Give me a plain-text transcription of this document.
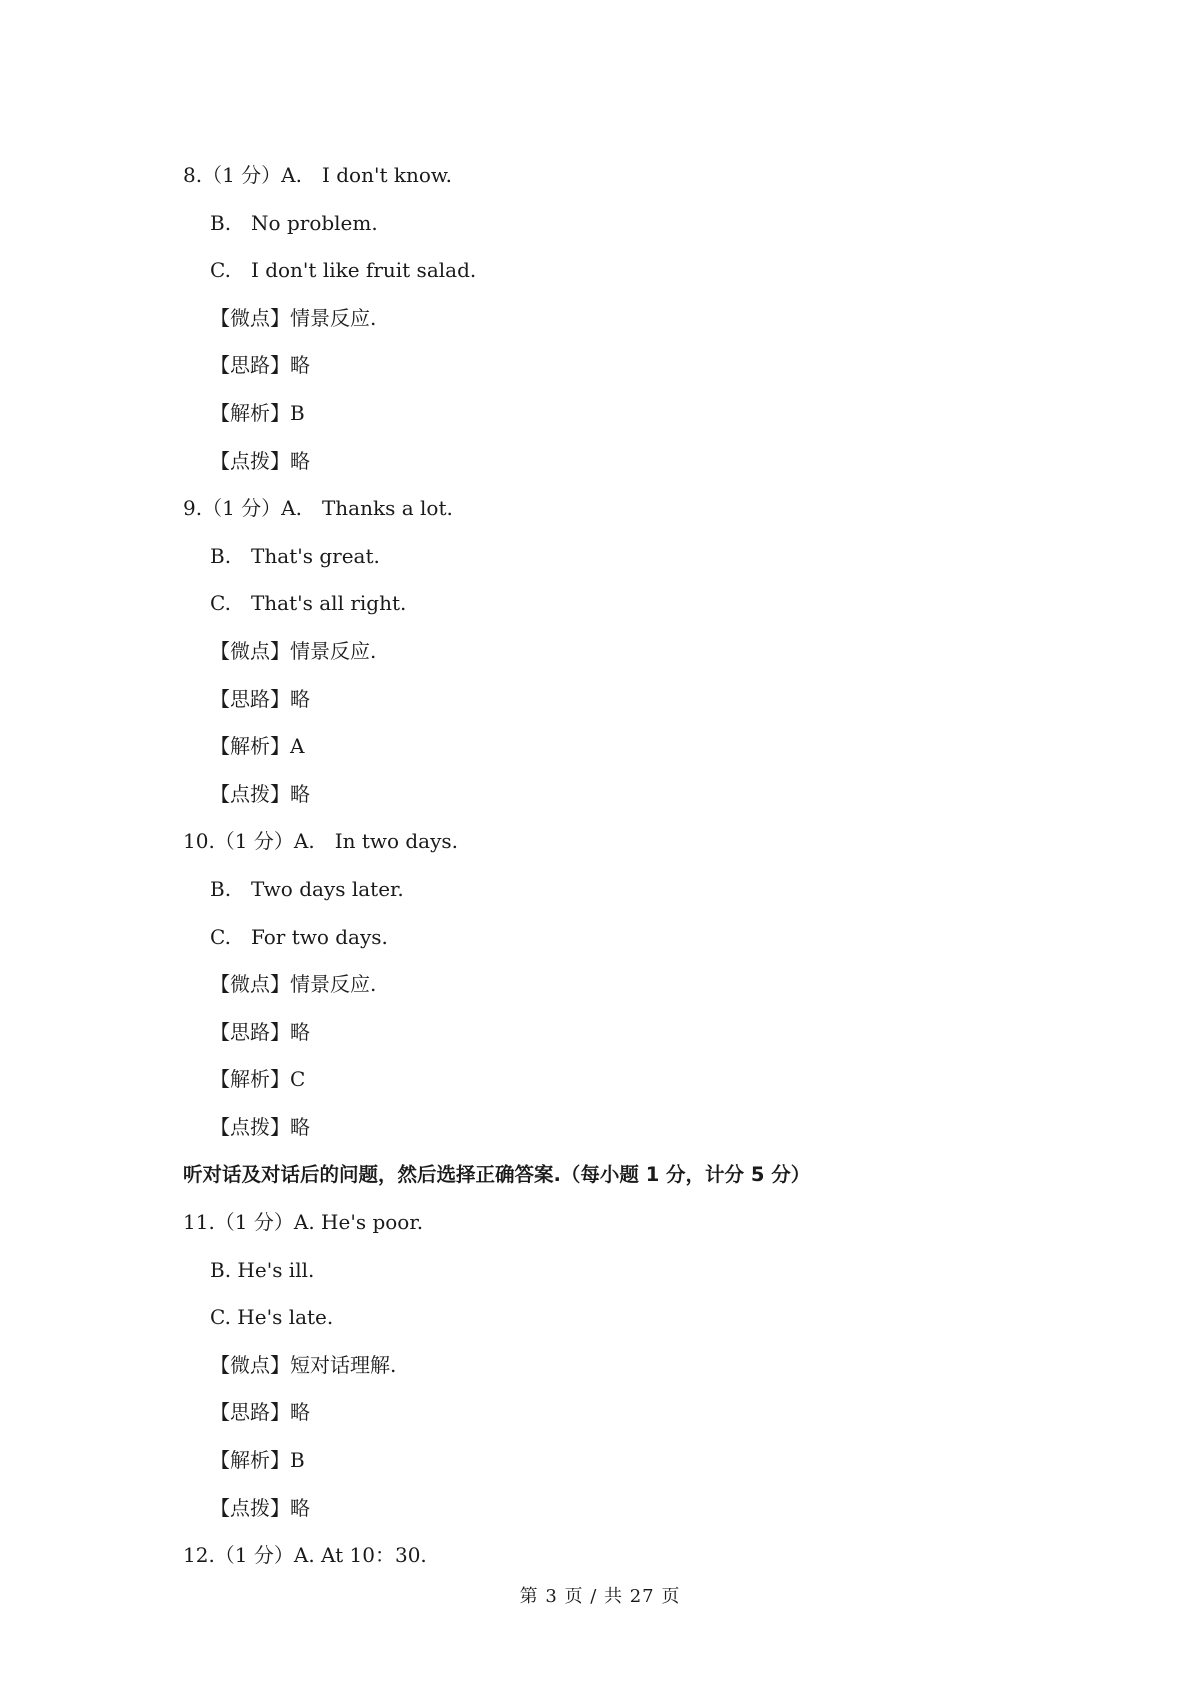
8.（1 分）A.　I don't know.
B.　No problem.
C.　I don't like fruit salad.
【微点】情景反应.
【思路】略
【解析】B
【点拨】略
9.（1 分）A.　Thanks a lot.
B.　That's great.
C.　That's all right.
【微点】情景反应.
【思路】略
【解析】A
【点拨】略
10.（1 分）A.　In two days.
B.　Two days later.
C.　For two days.
【微点】情景反应.
【思路】略
【解析】C
【点拨】略
听对话及对话后的问题，然后选择正确答案.（每小题 1 分，计分 5 分）
11.（1 分）A. He's poor.
B. He's ill.
C. He's late.
【微点】短对话理解.
【思路】略
【解析】B
【点拨】略
12.（1 分）A. At 10：30.
第 3 页 / 共 27 页
